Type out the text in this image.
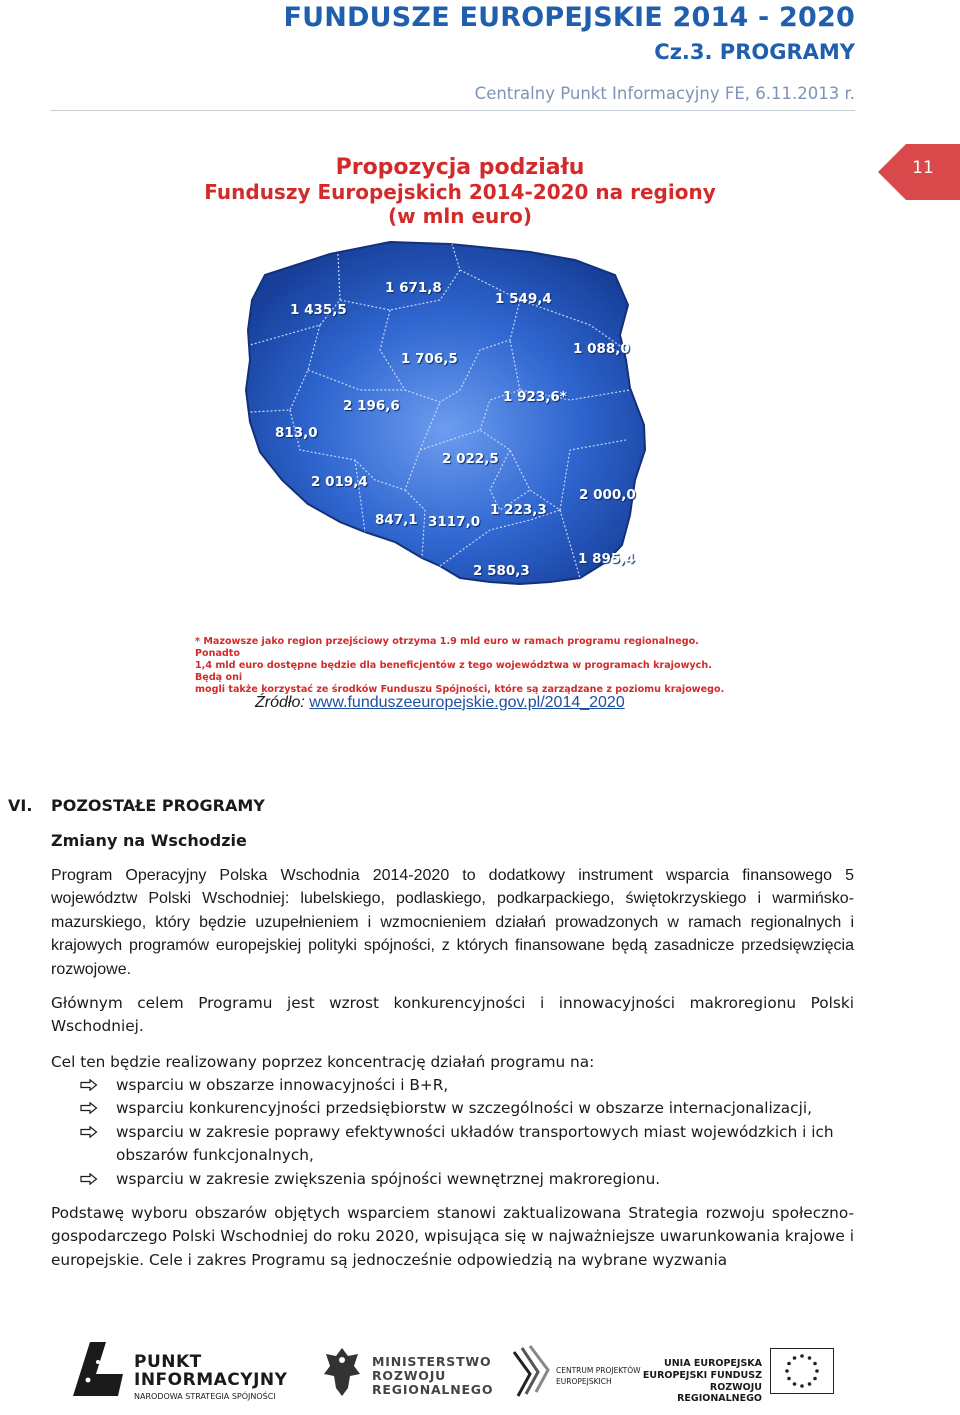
FUNDUSZE EUROPEJSKIE 2014 - 2020
Cz.3. PROGRAMY
Centralny Punkt Informacyjny FE, 6.11.2013 r.
11
Propozycja podziału
Funduszy Europejskich 2014-2020 na regiony
(w mln euro)
1 435,5
1 671,8
1 549,4
1 088,0
1 706,5
1 923,6*
2 196,6
813,0
2 022,5
2 019,4
2 000,0
847,1 3117,0
1 223,3
1 895,4
2 580,3
* Mazowsze jako region przejściowy otrzyma 1.9 mld euro w ramach programu regionalnego. Ponadto
1,4 mld euro dostępne będzie dla beneficjentów z tego województwa w programach krajowych. Będą oni
mogli także korzystać ze środków Funduszu Spójności, które są zarządzane z poziomu krajowego.
Źródło: www.funduszeeuropejskie.gov.pl/2014_2020
VI. POZOSTAŁE PROGRAMY
Zmiany na Wschodzie
Program Operacyjny Polska Wschodnia 2014-2020 to dodatkowy instrument wsparcia finansowego 5 województw Polski Wschodniej: lubelskiego, podlaskiego, podkarpackiego, świętokrzyskiego i warmińsko-mazurskiego, który będzie uzupełnieniem i wzmocnieniem działań prowadzonych w ramach regionalnych i krajowych programów europejskiej polityki spójności, z których finansowane będą zasadnicze przedsięwzięcia rozwojowe.
Głównym celem Programu jest wzrost konkurencyjności i innowacyjności makroregionu Polski Wschodniej.
Cel ten będzie realizowany poprzez koncentrację działań programu na:
wsparciu w obszarze innowacyjności i B+R,
wsparciu konkurencyjności przedsiębiorstw w szczególności w obszarze internacjonalizacji,
wsparciu w zakresie poprawy efektywności układów transportowych miast wojewódzkich i ich obszarów funkcjonalnych,
wsparciu w zakresie zwiększenia spójności wewnętrznej makroregionu.
Podstawę wyboru obszarów objętych wsparciem stanowi zaktualizowana Strategia rozwoju społeczno-gospodarczego Polski Wschodniej do roku 2020, wpisująca się w najważniejsze uwarunkowania krajowe i europejskie. Cele i zakres Programu są jednocześnie odpowiedzią na wybrane wyzwania
PUNKT
INFORMACYJNY
NARODOWA STRATEGIA SPÓJNOŚCI
MINISTERSTWO
ROZWOJU
REGIONALNEGO
CENTRUM PROJEKTÓW
EUROPEJSKICH
UNIA EUROPEJSKA
EUROPEJSKI FUNDUSZ
ROZWOJU REGIONALNEGO
